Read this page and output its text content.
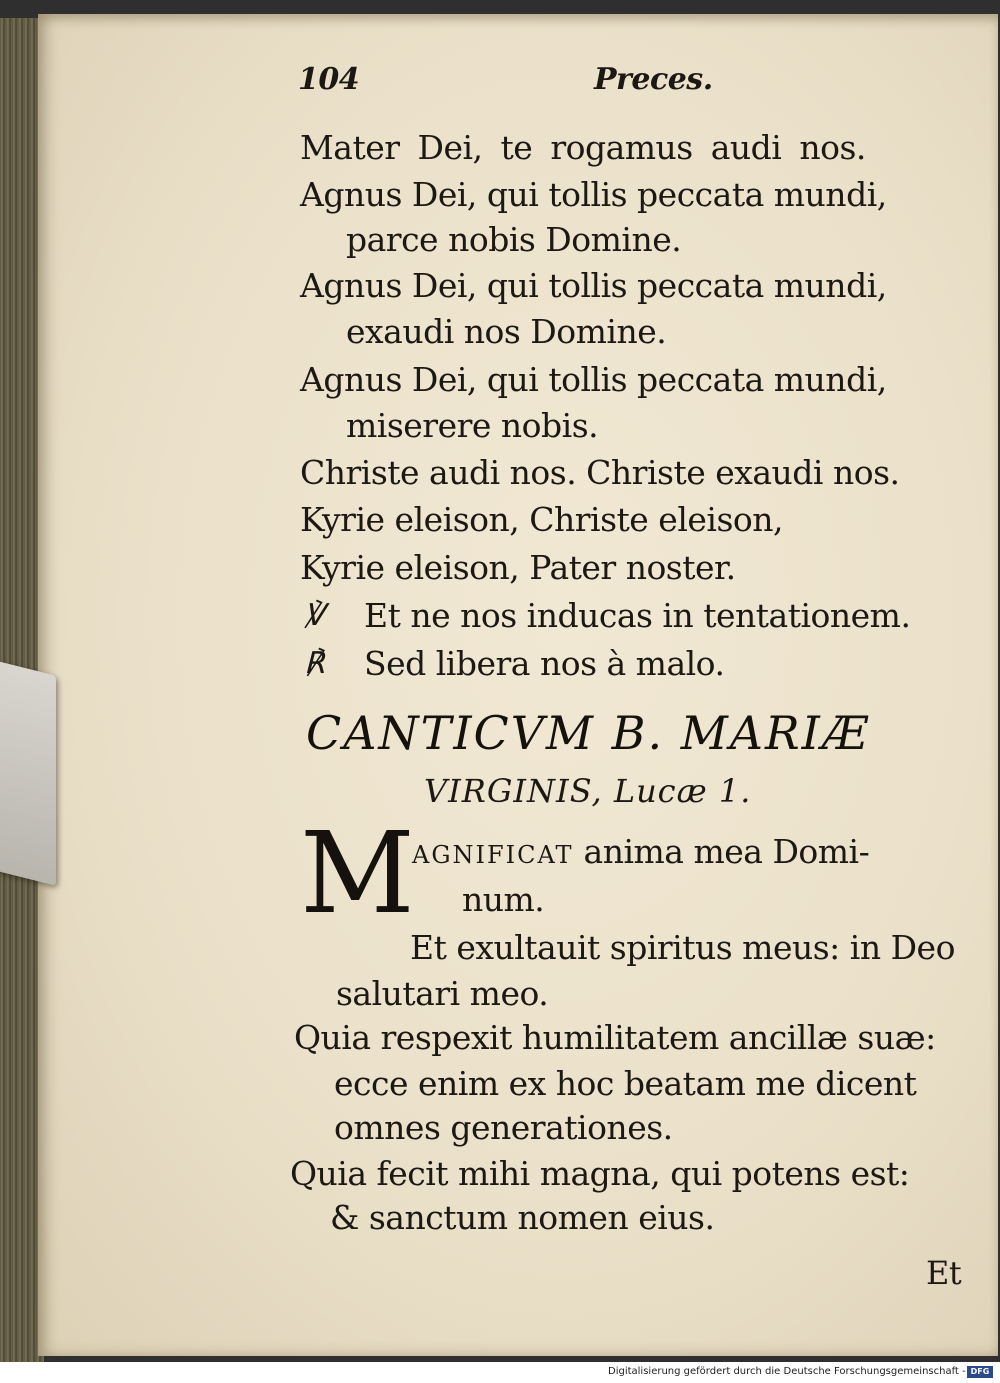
104	Preces.
Mater Dei, te rogamus audi nos.
Agnus Dei, qui tollis peccata mundi,
parce nobis Domine.
Agnus Dei, qui tollis peccata mundi,
exaudi nos Domine.
Agnus Dei, qui tollis peccata mundi,
miserere nobis.
Christe audi nos. Christe exaudi nos.
Kyrie eleison, Christe eleison,
Kyrie eleison, Pater noster.
℣ Et ne nos inducas in tentationem.
℟ Sed libera nos à malo.
CANTICVM B. MARIÆ
VIRGINIS, Lucæ 1.
M
AGNIFICAT anima mea Domi-
num.
Et exultauit spiritus meus: in Deo
salutari meo.
Quia respexit humilitatem ancillæ suæ:
ecce enim ex hoc beatam me dicent
omnes generationes.
Quia fecit mihi magna, qui potens est:
& sanctum nomen eius.
Et
Digitalisierung gefördert durch die Deutsche Forschungsgemeinschaft - DFG
